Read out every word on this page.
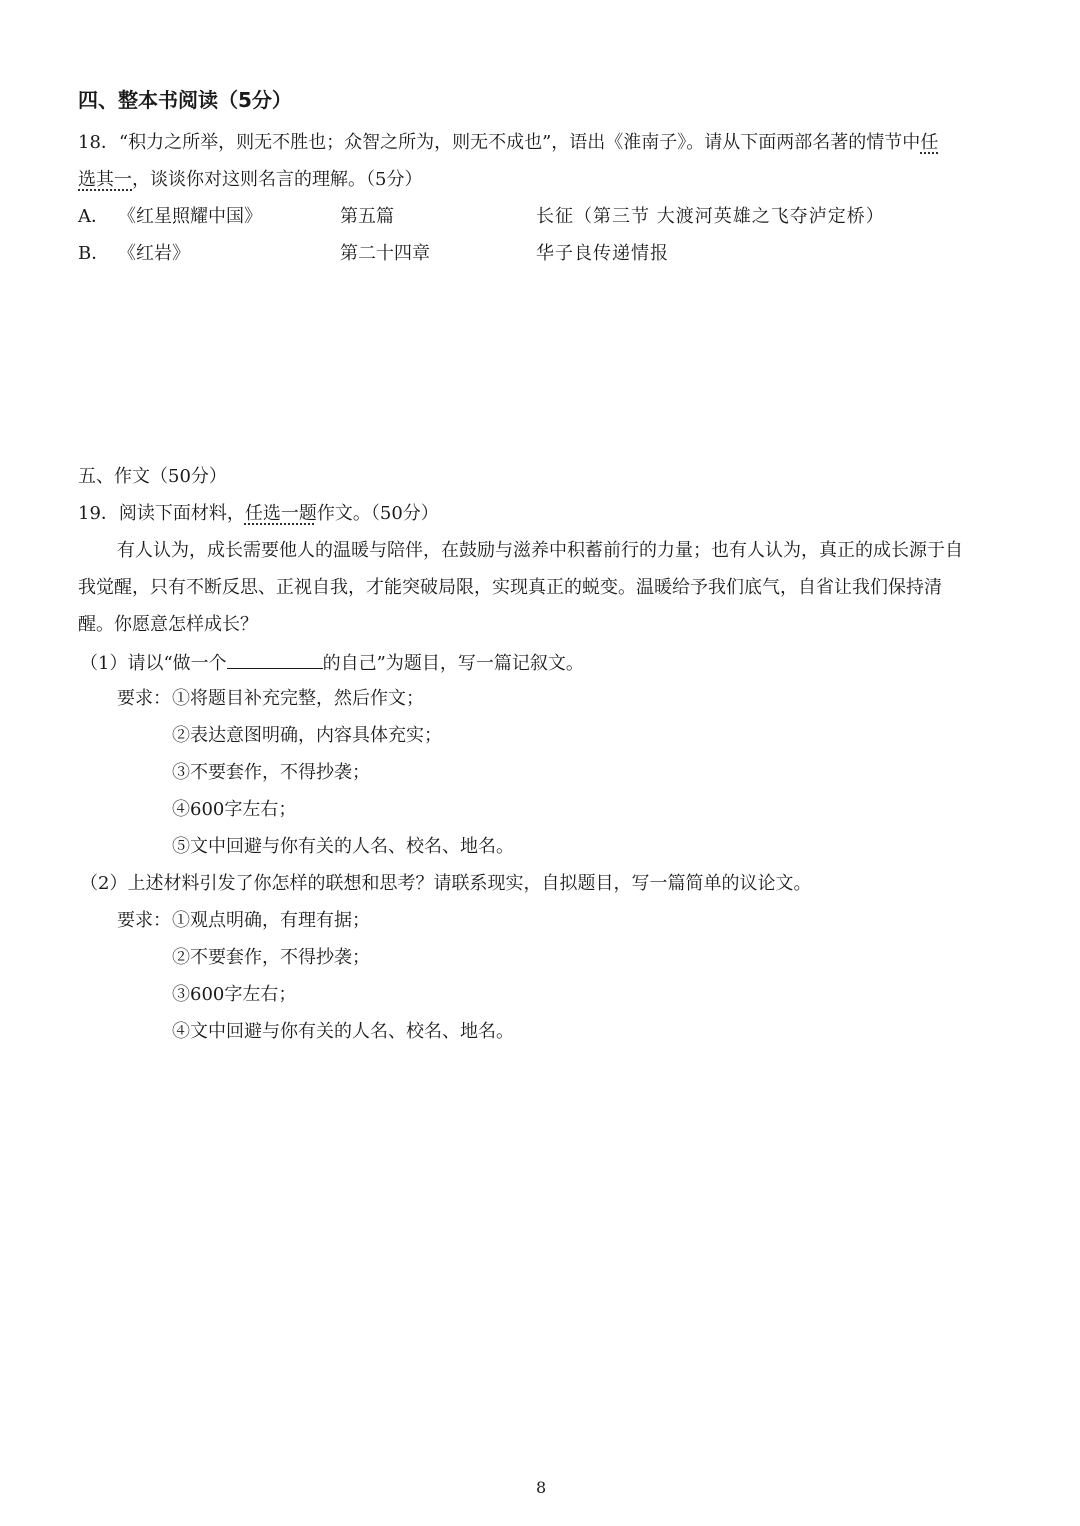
四、整本书阅读（5分）
18．“积力之所举，则无不胜也；众智之所为，则无不成也”，语出《淮南子》。请从下面两部名著的情节中任
选其一，谈谈你对这则名言的理解。（5分）
A． 《红星照耀中国》	第五篇	长征（第三节 大渡河英雄之飞夺泸定桥）
B． 《红岩》	第二十四章	华子良传递情报
五、作文（50分）
19．阅读下面材料，任选一题作文。（50分）
有人认为，成长需要他人的温暖与陪伴，在鼓励与滋养中积蓄前行的力量；也有人认为，真正的成长源于自
我觉醒，只有不断反思、正视自我，才能突破局限，实现真正的蜕变。温暖给予我们底气，自省让我们保持清
醒。你愿意怎样成长？
（1）请以“做一个	的自己”为题目，写一篇记叙文。
要求： ①将题目补充完整，然后作文；
②表达意图明确，内容具体充实；
③不要套作，不得抄袭；
④600字左右；
⑤文中回避与你有关的人名、校名、地名。
（2）上述材料引发了你怎样的联想和思考？请联系现实，自拟题目，写一篇简单的议论文。
要求： ①观点明确，有理有据；
②不要套作，不得抄袭；
③600字左右；
④文中回避与你有关的人名、校名、地名。
8
